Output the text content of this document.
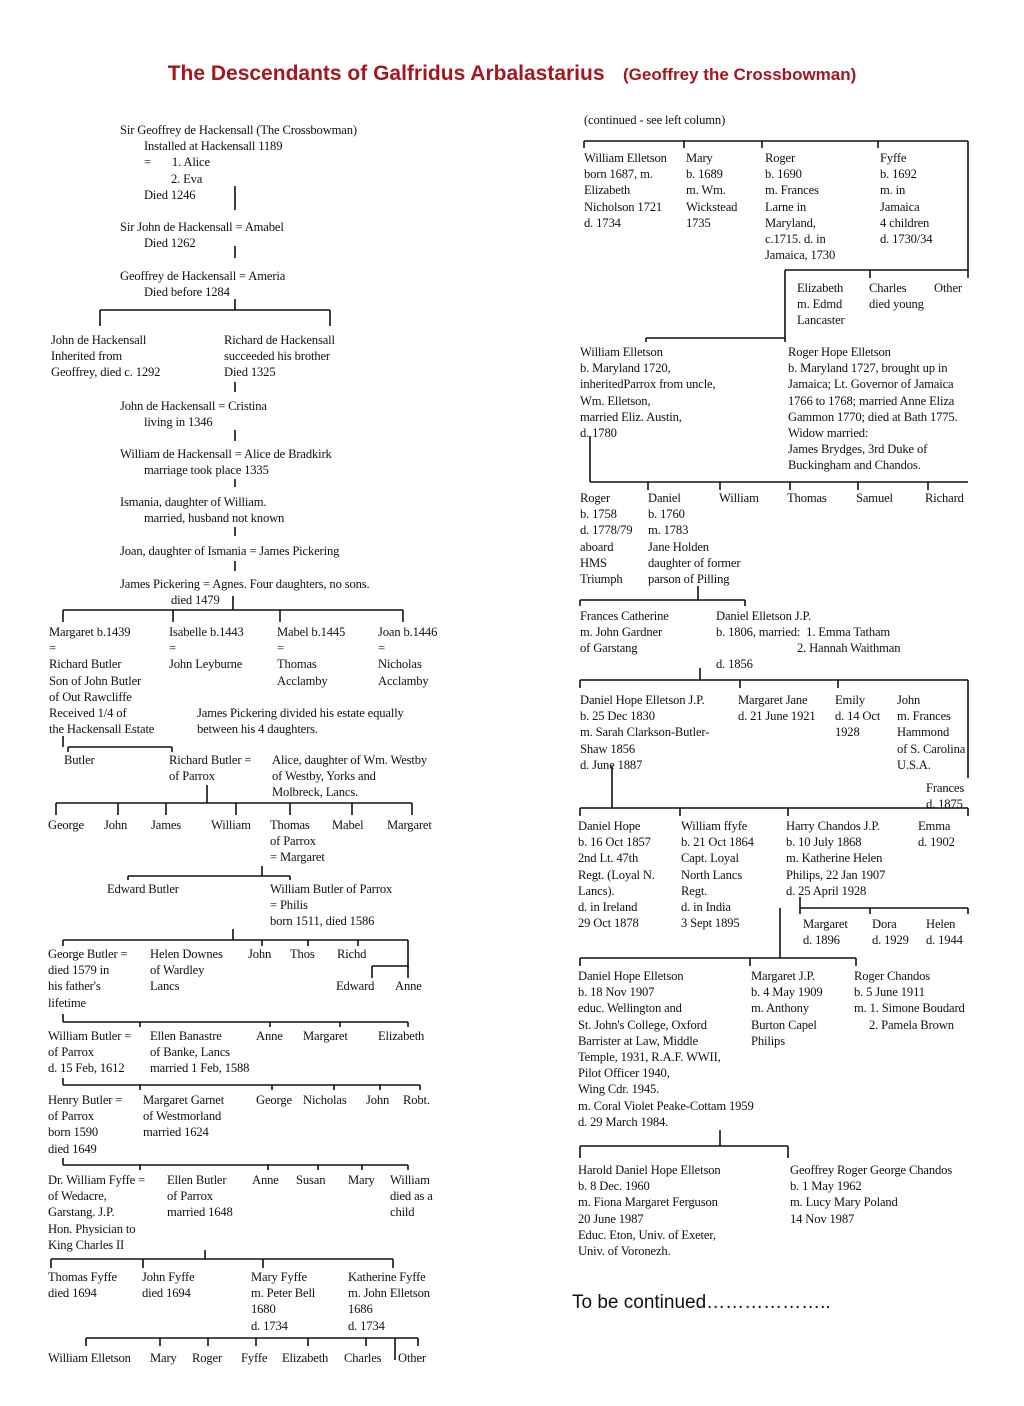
The Descendants of Galfridus Arbalastarius (Geoffrey the Crossbowman)
Sir Geoffrey de Hackensall (The Crossbowman)
Installed at Hackensall 1189
=       1. Alice
2. Eva
Died 1246
Sir John de Hackensall = Amabel
Died 1262
Geoffrey de Hackensall = Ameria
Died before 1284
John de Hackensall
Inherited from
Geoffrey, died c. 1292
Richard de Hackensall
succeeded his brother
Died 1325
John de Hackensall = Cristina
living in 1346
William de Hackensall = Alice de Bradkirk
marriage took place 1335
Ismania, daughter of William.
married, husband not known
Joan, daughter of Ismania = James Pickering
James Pickering = Agnes. Four daughters, no sons.
died 1479
Margaret b.1439
=
Richard Butler
Son of John Butler
of Out Rawcliffe
Received 1/4 of
the Hackensall Estate
Isabelle b.1443
=
John Leyburne
Mabel b.1445
=
Thomas
Acclamby
Joan b.1446
=
Nicholas
Acclamby
James Pickering divided his estate equally
between his 4 daughters.
Butler	Richard Butler =
of Parrox
Alice, daughter of Wm. Westby
of Westby, Yorks and
Molbreck, Lancs.
George John James William Thomas
of Parrox
= Margaret
Mabel Margaret
Edward Butler	William Butler of Parrox
= Philis
born 1511, died 1586
George Butler =
died 1579 in
his father's
lifetime
Helen Downes
of Wardley
Lancs
John Thos Richd
Edward Anne
William Butler =
of Parrox
d. 15 Feb, 1612
Ellen Banastre
of Banke, Lancs
married 1 Feb, 1588
Anne Margaret Elizabeth
Henry Butler =
of Parrox
born 1590
died 1649
Margaret Garnet
of Westmorland
married 1624
George Nicholas John Robt.
Dr. William Fyffe =
of Wedacre,
Garstang. J.P.
Hon. Physician to
King Charles II
Ellen Butler
of Parrox
married 1648
Anne Susan Mary William
died as a
child
Thomas Fyffe
died 1694
John Fyffe
died 1694
Mary Fyffe
m. Peter Bell
1680
d. 1734
Katherine Fyffe
m. John Elletson
1686
d. 1734
William Elletson Mary Roger Fyffe Elizabeth Charles Other
(continued - see left column)
William Elletson
born 1687, m.
Elizabeth
Nicholson 1721
d. 1734
Mary
b. 1689
m. Wm.
Wickstead
1735
Roger
b. 1690
m. Frances
Larne in
Maryland,
c.1715. d. in
Jamaica, 1730
Fyffe
b. 1692
m. in
Jamaica
4 children
d. 1730/34
Elizabeth
m. Edmd
Lancaster
Charles
died young
Other
William Elletson
b. Maryland 1720,
inheritedParrox from uncle,
Wm. Elletson,
married Eliz. Austin,
d. 1780
Roger Hope Elletson
b. Maryland 1727, brought up in
Jamaica; Lt. Governor of Jamaica
1766 to 1768; married Anne Eliza
Gammon 1770; died at Bath 1775.
Widow married:
James Brydges, 3rd Duke of
Buckingham and Chandos.
Roger
b. 1758
d. 1778/79
aboard
HMS
Triumph
Daniel
b. 1760
m. 1783
Jane Holden
daughter of former
parson of Pilling
William Thomas Samuel	Richard
Frances Catherine
m. John Gardner
of Garstang
Daniel Elletson J.P.
b. 1806, married:  1. Emma Tatham
2. Hannah Waithman
d. 1856
Daniel Hope Elletson J.P.
b. 25 Dec 1830
m. Sarah Clarkson-Butler-
Shaw 1856
d. June 1887
Margaret Jane
d. 21 June 1921
Emily
d. 14 Oct
1928
John
m. Frances
Hammond
of S. Carolina
U.S.A.
Frances
d. 1875
Daniel Hope
b. 16 Oct 1857
2nd Lt. 47th
Regt. (Loyal N.
Lancs).
d. in Ireland
29 Oct 1878
William ffyfe
b. 21 Oct 1864
Capt. Loyal
North Lancs
Regt.
d. in India
3 Sept 1895
Harry Chandos J.P.
b. 10 July 1868
m. Katherine Helen
Philips, 22 Jan 1907
d. 25 April 1928
Emma
d. 1902
Margaret
d. 1896
Dora
d. 1929
Helen
d. 1944
Daniel Hope Elletson
b. 18 Nov 1907
educ. Wellington and
St. John's College, Oxford
Barrister at Law, Middle
Temple, 1931, R.A.F. WWII,
Pilot Officer 1940,
Wing Cdr. 1945.
m. Coral Violet Peake-Cottam 1959
d. 29 March 1984.
Margaret J.P.
b. 4 May 1909
m. Anthony
Burton Capel
Philips
Roger Chandos
b. 5 June 1911
m. 1. Simone Boudard
2. Pamela Brown
Harold Daniel Hope Elletson
b. 8 Dec. 1960
m. Fiona Margaret Ferguson
20 June 1987
Educ. Eton, Univ. of Exeter,
Univ. of Voronezh.
Geoffrey Roger George Chandos
b. 1 May 1962
m. Lucy Mary Poland
14 Nov 1987
To be continued………………..
